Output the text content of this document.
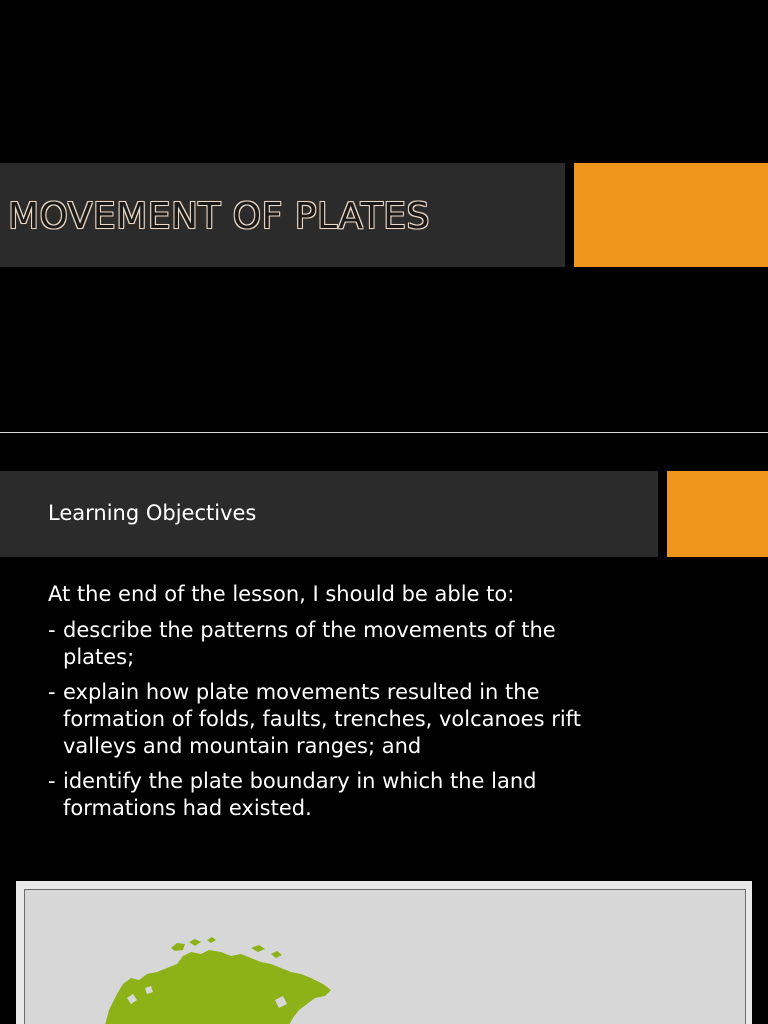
MOVEMENT OF PLATES
Learning Objectives
At the end of the lesson, I should be able to:
- describe the patterns of the movements of the
plates;
- explain how plate movements resulted in the
formation of folds, faults, trenches, volcanoes rift
valleys and mountain ranges; and
- identify the plate boundary in which the land
formations had existed.
